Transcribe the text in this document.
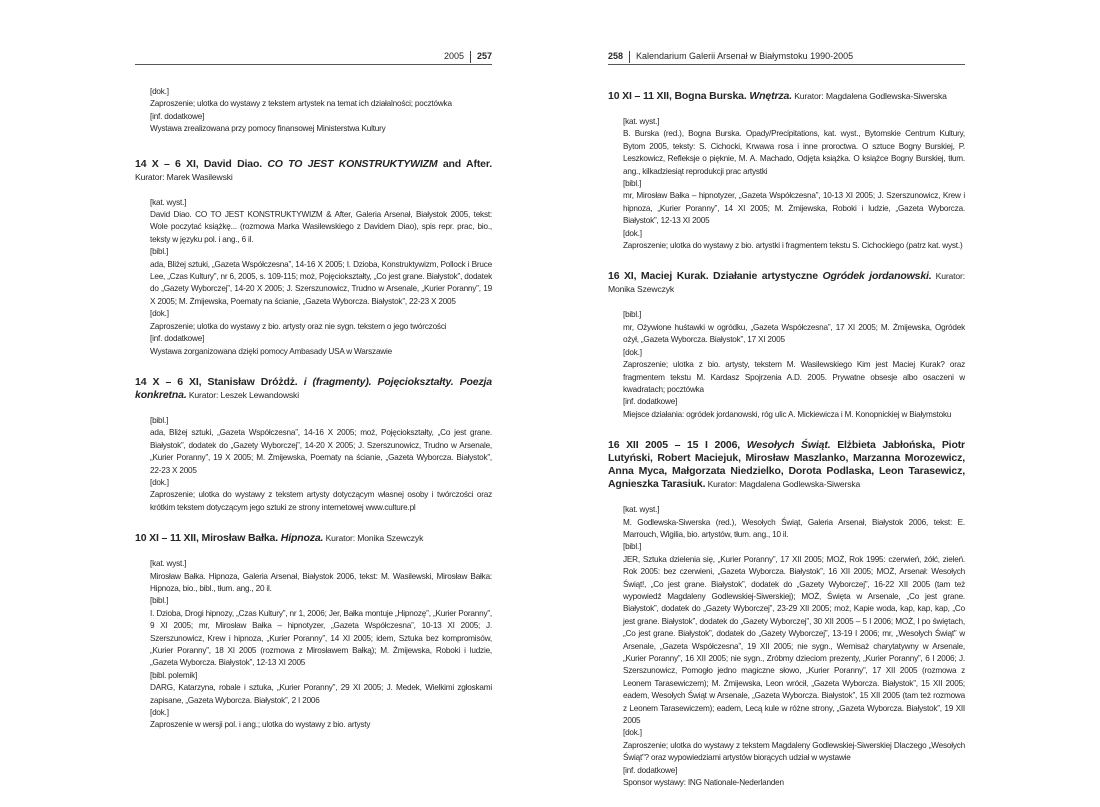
2005 257

[dok.]

Zaproszenie; ulotka do wystawy z tekstem artystek na temat ich działalności; pocztówka

[inf. dodatkowe]

Wystawa zrealizowana przy pomocy finansowej Ministerstwa Kultury

14 X – 6 XI, David Diao. CO TO JEST KONSTRUKTYWIZM and After. Kurator: Marek Wasilewski

[kat. wyst.]

David Diao. CO TO JEST KONSTRUKTYWIZM & After, Galeria Arsenał, Białystok 2005, tekst: Wole poczytać książkę... (rozmowa Marka Wasilewskiego z Davidem Diao), spis repr. prac, bio., teksty w języku pol. i ang., 6 il.

[bibl.]

ada, Bliżej sztuki, „Gazeta Współczesna”, 14-16 X 2005; I. Dzioba, Konstruktywizm, Pollock i Bruce Lee, „Czas Kultury”, nr 6, 2005, s. 109-115; moż, Pojęciokształty, „Co jest grane. Białystok”, dodatek do „Gazety Wyborczej”, 14-20 X 2005; J. Szerszunowicz, Trudno w Arsenale, „Kurier Poranny”, 19 X 2005; M. Żmijewska, Poematy na ścianie, „Gazeta Wyborcza. Białystok”, 22-23 X 2005

[dok.]

Zaproszenie; ulotka do wystawy z bio. artysty oraz nie sygn. tekstem o jego twórczości

[inf. dodatkowe]

Wystawa zorganizowana dzięki pomocy Ambasady USA w Warszawie

14 X – 6 XI, Stanisław Dróżdż. i (fragmenty). Pojęciokształty. Poezja konkretna. Kurator: Leszek Lewandowski

[bibl.]

ada, Bliżej sztuki, „Gazeta Współczesna”, 14-16 X 2005; moż, Pojęciokształty, „Co jest grane. Białystok”, dodatek do „Gazety Wyborczej”, 14-20 X 2005; J. Szerszunowicz, Trudno w Arsenale, „Kurier Poranny”, 19 X 2005; M. Żmijewska, Poematy na ścianie, „Gazeta Wyborcza. Białystok”, 22-23 X 2005

[dok.]

Zaproszenie; ulotka do wystawy z tekstem artysty dotyczącym własnej osoby i twórczości oraz krótkim tekstem dotyczącym jego sztuki ze strony internetowej www.culture.pl

10 XI – 11 XII, Mirosław Bałka. Hipnoza. Kurator: Monika Szewczyk

[kat. wyst.]

Mirosław Bałka. Hipnoza, Galeria Arsenał, Białystok 2006, tekst: M. Wasilewski, Mirosław Bałka: Hipnoza, bio., bibl., tłum. ang., 20 il.

[bibl.]

I. Dzioba, Drogi hipnozy, „Czas Kultury”, nr 1, 2006; Jer, Bałka montuje „Hipnozę”, „Kurier Poranny”, 9 XI 2005; mr, Mirosław Bałka – hipnotyzer, „Gazeta Współczesna”, 10-13 XI 2005; J. Szerszunowicz, Krew i hipnoza, „Kurier Poranny”, 14 XI 2005; idem, Sztuka bez kompromisów, „Kurier Poranny”, 18 XI 2005 (rozmowa z Mirosławem Bałką); M. Żmijewska, Roboki i ludzie, „Gazeta Wyborcza. Białystok”, 12-13 XI 2005

[bibl. polemik]

DARG, Katarzyna, robale i sztuka, „Kurier Poranny”, 29 XI 2005; J. Medek, Wielkimi zgłoskami zapisane, „Gazeta Wyborcza. Białystok”, 2 I 2006

[dok.]

Zaproszenie w wersji pol. i ang.; ulotka do wystawy z bio. artysty

258 Kalendarium Galerii Arsenał w Białymstoku 1990-2005

10 XI – 11 XII, Bogna Burska. Wnętrza. Kurator: Magdalena Godlewska-Siwerska

[kat. wyst.]

B. Burska (red.), Bogna Burska. Opady/Precipitations, kat. wyst., Bytomskie Centrum Kultury, Bytom 2005, teksty: S. Cichocki, Krwawa rosa i inne proroctwa. O sztuce Bogny Burskiej, P. Leszkowicz, Refleksje o pięknie, M. A. Machado, Odjęta książka. O książce Bogny Burskiej, tłum. ang., kilkadziesiąt reprodukcji prac artystki

[bibl.]

mr, Mirosław Bałka – hipnotyzer, „Gazeta Współczesna”, 10-13 XI 2005; J. Szerszunowicz, Krew i hipnoza, „Kurier Poranny”, 14 XI 2005; M. Żmijewska, Roboki i ludzie, „Gazeta Wyborcza. Białystok”, 12-13 XI 2005

[dok.]

Zaproszenie; ulotka do wystawy z bio. artystki i fragmentem tekstu S. Cichockiego (patrz kat. wyst.)

16 XI, Maciej Kurak. Działanie artystyczne Ogródek jordanowski. Kurator: Monika Szewczyk

[bibl.]

mr, Ożywione huśtawki w ogródku, „Gazeta Współczesna”, 17 XI 2005; M. Żmijewska, Ogródek ożył, „Gazeta Wyborcza. Białystok”, 17 XI 2005

[dok.]

Zaproszenie; ulotka z bio. artysty, tekstem M. Wasilewskiego Kim jest Maciej Kurak? oraz fragmentem tekstu M. Kardasz Spojrzenia A.D. 2005. Prywatne obsesje albo osaczeni w kwadratach; pocztówka

[inf. dodatkowe]

Miejsce działania: ogródek jordanowski, róg ulic A. Mickiewicza i M. Konopnickiej w Białymstoku

16 XII 2005 – 15 I 2006, Wesołych Świąt. Elżbieta Jabłońska, Piotr Lutyński, Robert Maciejuk, Mirosław Maszlanko, Marzanna Morozewicz, Anna Myca, Małgorzata Niedzielko, Dorota Podlaska, Leon Tarasewicz, Agnieszka Tarasiuk. Kurator: Magdalena Godlewska-Siwerska

[kat. wyst.]

M. Godlewska-Siwerska (red.), Wesołych Świąt, Galeria Arsenał, Białystok 2006, tekst: E. Marrouch, Wigilia, bio. artystów, tłum. ang., 10 il.

[bibl.]

JER, Sztuka dzielenia się, „Kurier Poranny”, 17 XII 2005; MOŻ, Rok 1995: czerwień, żółć, zieleń. Rok 2005: bez czerwieni, „Gazeta Wyborcza. Białystok”, 16 XII 2005; MOŻ, Arsenał: Wesołych Świąt!, „Co jest grane. Białystok”, dodatek do „Gazety Wyborczej”, 16-22 XII 2005 (tam też wypowiedź Magdaleny Godlewskiej-Siwerskiej); MOŻ, Święta w Arsenale, „Co jest grane. Białystok”, dodatek do „Gazety Wyborczej”, 23-29 XII 2005; moż, Kapie woda, kap, kap, kap, „Co jest grane. Białystok”, dodatek do „Gazety Wyborczej”, 30 XII 2005 – 5 I 2006; MOŻ, I po świętach, „Co jest grane. Białystok”, dodatek do „Gazety Wyborczej”, 13-19 I 2006; mr, „Wesołych Świąt” w Arsenale, „Gazeta Współczesna”, 19 XII 2005; nie sygn., Wernisaż charytatywny w Arsenale, „Kurier Poranny”, 16 XII 2005; nie sygn., Zróbmy dzieciom prezenty, „Kurier Poranny”, 6 I 2006; J. Szerszunowicz, Pomogło jedno magiczne słowo, „Kurier Poranny”, 17 XII 2005 (rozmowa z Leonem Tarasewiczem); M. Żmijewska, Leon wrócił, „Gazeta Wyborcza. Białystok”, 15 XII 2005; eadem, Wesołych Świąt w Arsenale, „Gazeta Wyborcza. Białystok”, 15 XII 2005 (tam też rozmowa z Leonem Tarasewiczem); eadem, Lecą kule w różne strony, „Gazeta Wyborcza. Białystok”, 19 XII 2005

[dok.]

Zaproszenie; ulotka do wystawy z tekstem Magdaleny Godlewskiej-Siwerskiej Dlaczego „Wesołych Świąt”? oraz wypowiedziami artystów biorących udział w wystawie

[inf. dodatkowe]

Sponsor wystawy: ING Nationale-Nederlanden
